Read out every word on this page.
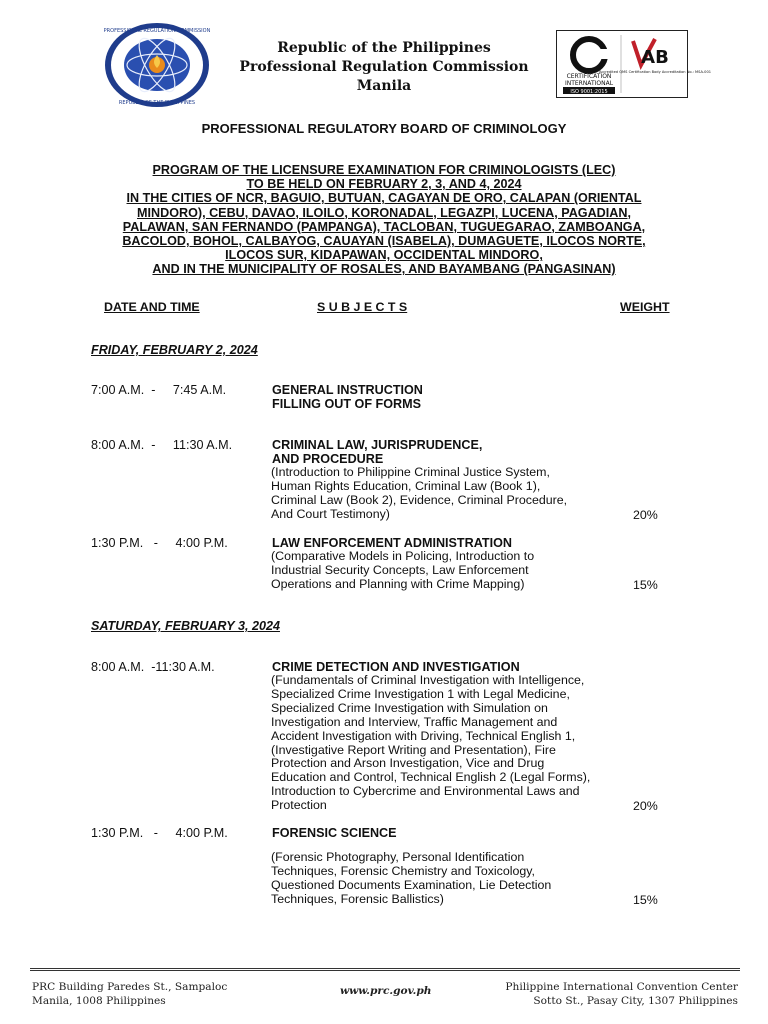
PROFESSIONAL REGULATION COMMISSION
REPUBLIC OF THE PHILIPPINES
Republic of the Philippines
Professional Regulation Commission
Manila
CERTIFICATION
INTERNATIONAL
ISO 9001:2015
AB
Accredited QMS Certification Body Accreditation No.: MSA-001
PROFESSIONAL REGULATORY BOARD OF CRIMINOLOGY
PROGRAM OF THE LICENSURE EXAMINATION FOR CRIMINOLOGISTS (LEC)
TO BE HELD ON FEBRUARY 2, 3, AND 4, 2024
IN THE CITIES OF NCR, BAGUIO, BUTUAN, CAGAYAN DE ORO, CALAPAN (ORIENTAL
MINDORO), CEBU, DAVAO, ILOILO, KORONADAL, LEGAZPI, LUCENA, PAGADIAN,
PALAWAN, SAN FERNANDO (PAMPANGA), TACLOBAN, TUGUEGARAO, ZAMBOANGA,
BACOLOD, BOHOL, CALBAYOG, CAUAYAN (ISABELA), DUMAGUETE, ILOCOS NORTE,
ILOCOS SUR, KIDAPAWAN, OCCIDENTAL MINDORO,
AND IN THE MUNICIPALITY OF ROSALES, AND BAYAMBANG (PANGASINAN)
DATE AND TIME	S U B J E C T S	WEIGHT
FRIDAY, FEBRUARY 2, 2024
7:00 A.M.  -     7:45 A.M.	GENERAL INSTRUCTION
FILLING OUT OF FORMS
8:00 A.M.  -     11:30 A.M.	CRIMINAL LAW, JURISPRUDENCE,
AND PROCEDURE
(Introduction to Philippine Criminal Justice System,
Human Rights Education, Criminal Law (Book 1),
Criminal Law (Book 2), Evidence, Criminal Procedure,
And Court Testimony)	20%
1:30 P.M.   -     4:00 P.M.	LAW ENFORCEMENT ADMINISTRATION
(Comparative Models in Policing, Introduction to
Industrial Security Concepts, Law Enforcement
Operations and Planning with Crime Mapping)	15%
SATURDAY, FEBRUARY 3, 2024
8:00 A.M.  -11:30 A.M.	CRIME DETECTION AND INVESTIGATION
(Fundamentals of Criminal Investigation with Intelligence,
Specialized Crime Investigation 1 with Legal Medicine,
Specialized Crime Investigation with Simulation on
Investigation and Interview, Traffic Management and
Accident Investigation with Driving, Technical English 1,
(Investigative Report Writing and Presentation), Fire
Protection and Arson Investigation, Vice and Drug
Education and Control, Technical English 2 (Legal Forms),
Introduction to Cybercrime and Environmental Laws and
Protection	20%
1:30 P.M.   -     4:00 P.M.	FORENSIC SCIENCE
(Forensic Photography, Personal Identification
Techniques, Forensic Chemistry and Toxicology,
Questioned Documents Examination, Lie Detection
Techniques, Forensic Ballistics)	15%
PRC Building Paredes St., Sampaloc
Manila, 1008 Philippines
www.prc.gov.ph	Philippine International Convention Center
Sotto St., Pasay City, 1307 Philippines
